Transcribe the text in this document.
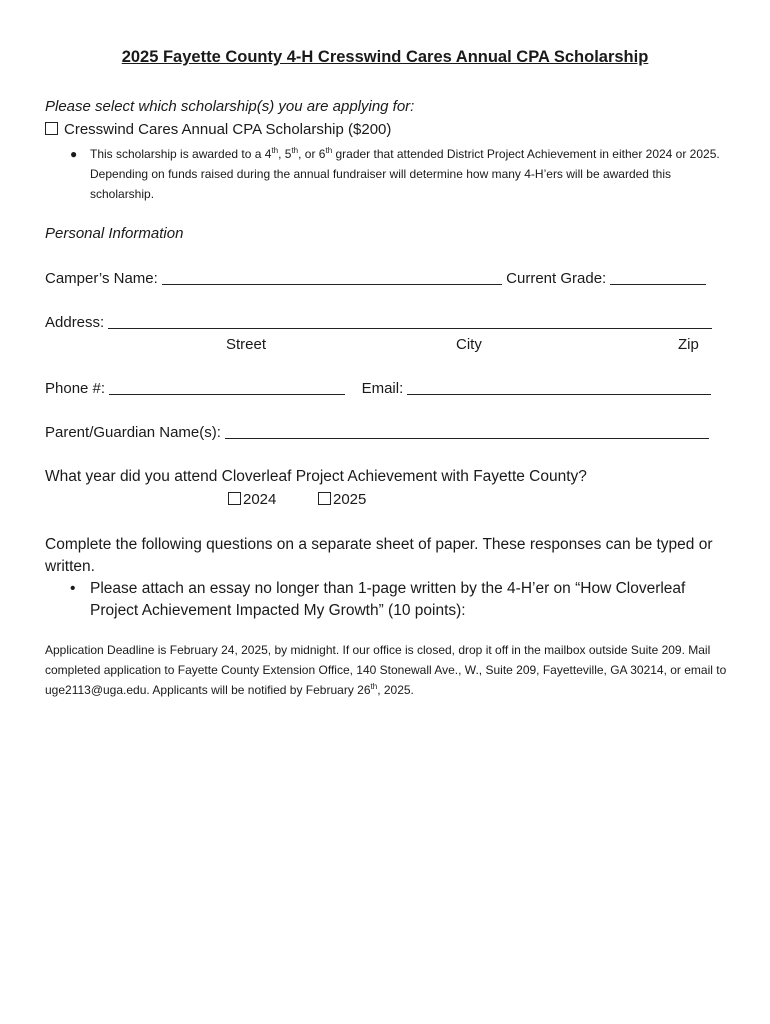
2025 Fayette County 4-H Cresswind Cares Annual CPA Scholarship
Please select which scholarship(s) you are applying for:
Cresswind Cares Annual CPA Scholarship ($200)
● This scholarship is awarded to a 4th, 5th, or 6th grader that attended District Project Achievement in either 2024 or 2025. Depending on funds raised during the annual fundraiser will determine how many 4-H’ers will be awarded this scholarship.
Personal Information
Camper’s Name:	Current Grade:
Address:
Street	City	Zip
Phone #:	Email:
Parent/Guardian Name(s):
What year did you attend Cloverleaf Project Achievement with Fayette County?
2024	2025
Complete the following questions on a separate sheet of paper. These responses can be typed or written.
• Please attach an essay no longer than 1-page written by the 4-H’er on “How Cloverleaf Project Achievement Impacted My Growth” (10 points):
Application Deadline is February 24, 2025, by midnight. If our office is closed, drop it off in the mailbox outside Suite 209. Mail completed application to Fayette County Extension Office, 140 Stonewall Ave., W., Suite 209, Fayetteville, GA 30214, or email to uge2113@uga.edu. Applicants will be notified by February 26th, 2025.
